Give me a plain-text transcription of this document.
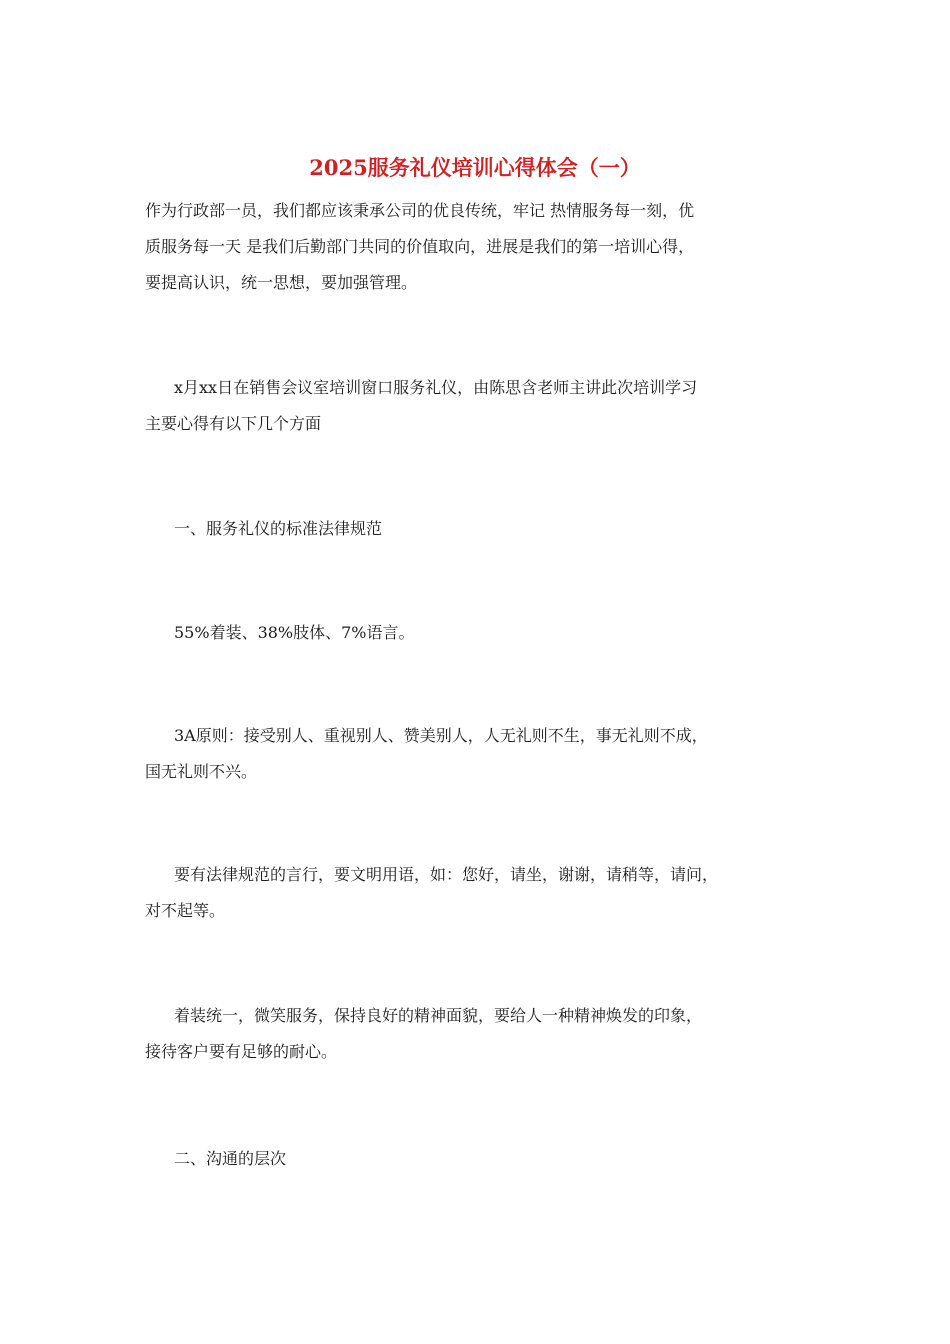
2025服务礼仪培训心得体会（一）
作为行政部一员，我们都应该秉承公司的优良传统，牢记 热情服务每一刻，优
质服务每一天 是我们后勤部门共同的价值取向，进展是我们的第一培训心得，
要提高认识，统一思想，要加强管理。
x月xx日在销售会议室培训窗口服务礼仪，由陈思含老师主讲此次培训学习
主要心得有以下几个方面
一、服务礼仪的标准法律规范
55%着装、38%肢体、7%语言。
3A原则：接受别人、重视别人、赞美别人，人无礼则不生，事无礼则不成，
国无礼则不兴。
要有法律规范的言行，要文明用语，如：您好，请坐，谢谢，请稍等，请问，
对不起等。
着装统一，微笑服务，保持良好的精神面貌，要给人一种精神焕发的印象，
接待客户要有足够的耐心。
二、沟通的层次
